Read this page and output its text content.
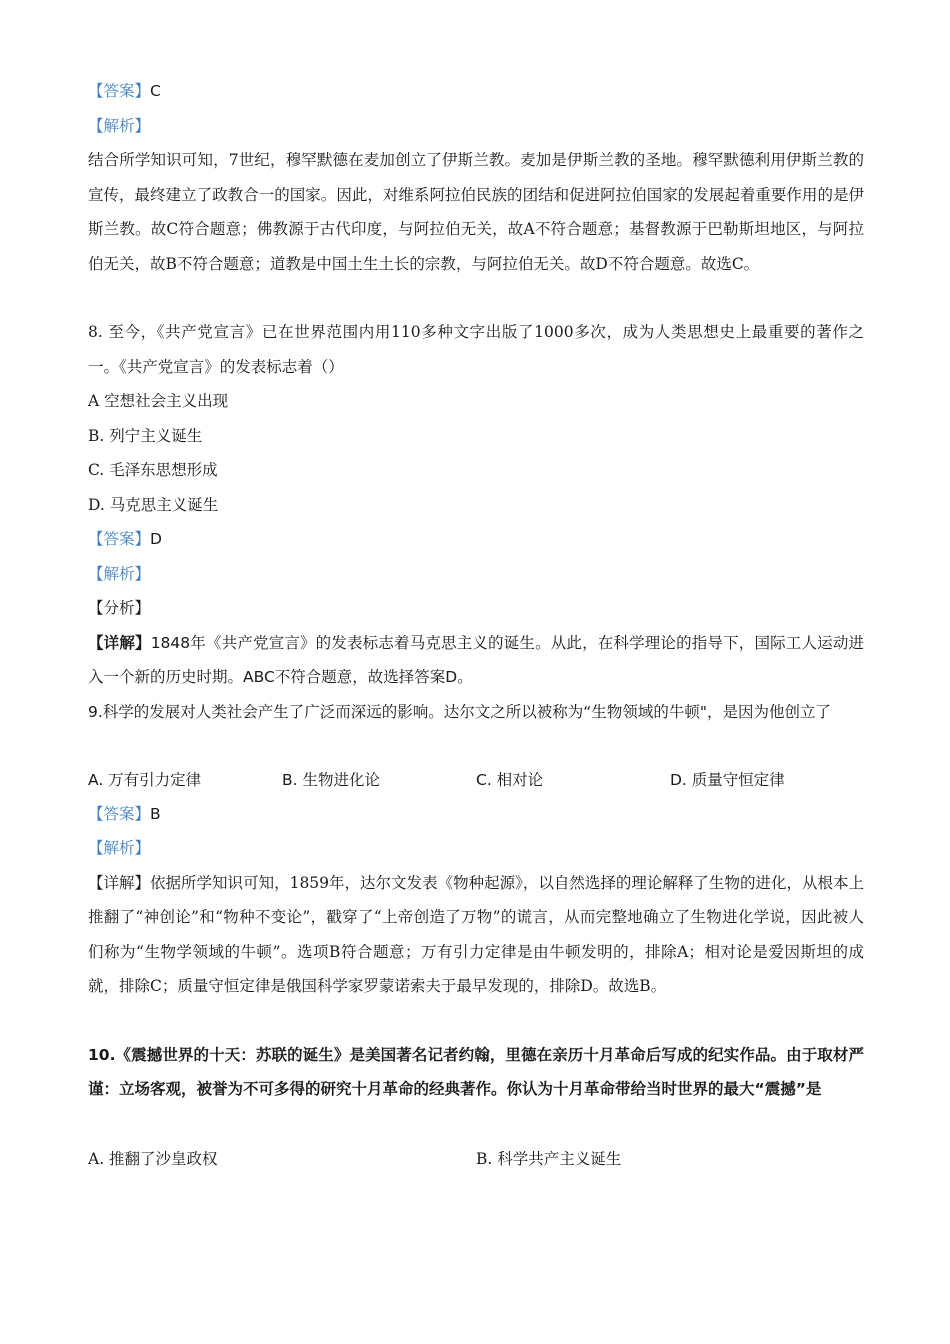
【答案】C
【解析】
结合所学知识可知，7世纪，穆罕默德在麦加创立了伊斯兰教。麦加是伊斯兰教的圣地。穆罕默德利用伊斯兰教的宣传，最终建立了政教合一的国家。因此，对维系阿拉伯民族的团结和促进阿拉伯国家的发展起着重要作用的是伊斯兰教。故C符合题意；佛教源于古代印度，与阿拉伯无关，故A不符合题意；基督教源于巴勒斯坦地区，与阿拉伯无关，故B不符合题意；道教是中国土生土长的宗教，与阿拉伯无关。故D不符合题意。故选C。
8. 至今，《共产党宣言》已在世界范围内用110多种文字出版了1000多次，成为人类思想史上最重要的著作之一。《共产党宣言》的发表标志着（）
A 空想社会主义出现
B. 列宁主义诞生
C. 毛泽东思想形成
D. 马克思主义诞生
【答案】D
【解析】
【分析】
【详解】1848年《共产党宣言》的发表标志着马克思主义的诞生。从此，在科学理论的指导下，国际工人运动进入一个新的历史时期。ABC不符合题意，故选择答案D。
9.科学的发展对人类社会产生了广泛而深远的影响。达尔文之所以被称为“生物领域的牛顿"，是因为他创立了
A. 万有引力定律	B. 生物进化论	C. 相对论	D. 质量守恒定律
【答案】B
【解析】
【详解】依据所学知识可知，1859年，达尔文发表《物种起源》，以自然选择的理论解释了生物的进化，从根本上推翻了“神创论”和“物种不变论”，戳穿了“上帝创造了万物”的谎言，从而完整地确立了生物进化学说，因此被人们称为“生物学领域的牛顿”。选项B符合题意；万有引力定律是由牛顿发明的，排除A；相对论是爱因斯坦的成就，排除C；质量守恒定律是俄国科学家罗蒙诺索夫于最早发现的，排除D。故选B。
10.《震撼世界的十天：苏联的诞生》是美国著名记者约翰，里德在亲历十月革命后写成的纪实作品。由于取材严谨：立场客观，被誉为不可多得的研究十月革命的经典著作。你认为十月革命带给当时世界的最大“震撼”是
A. 推翻了沙皇政权	B. 科学共产主义诞生
